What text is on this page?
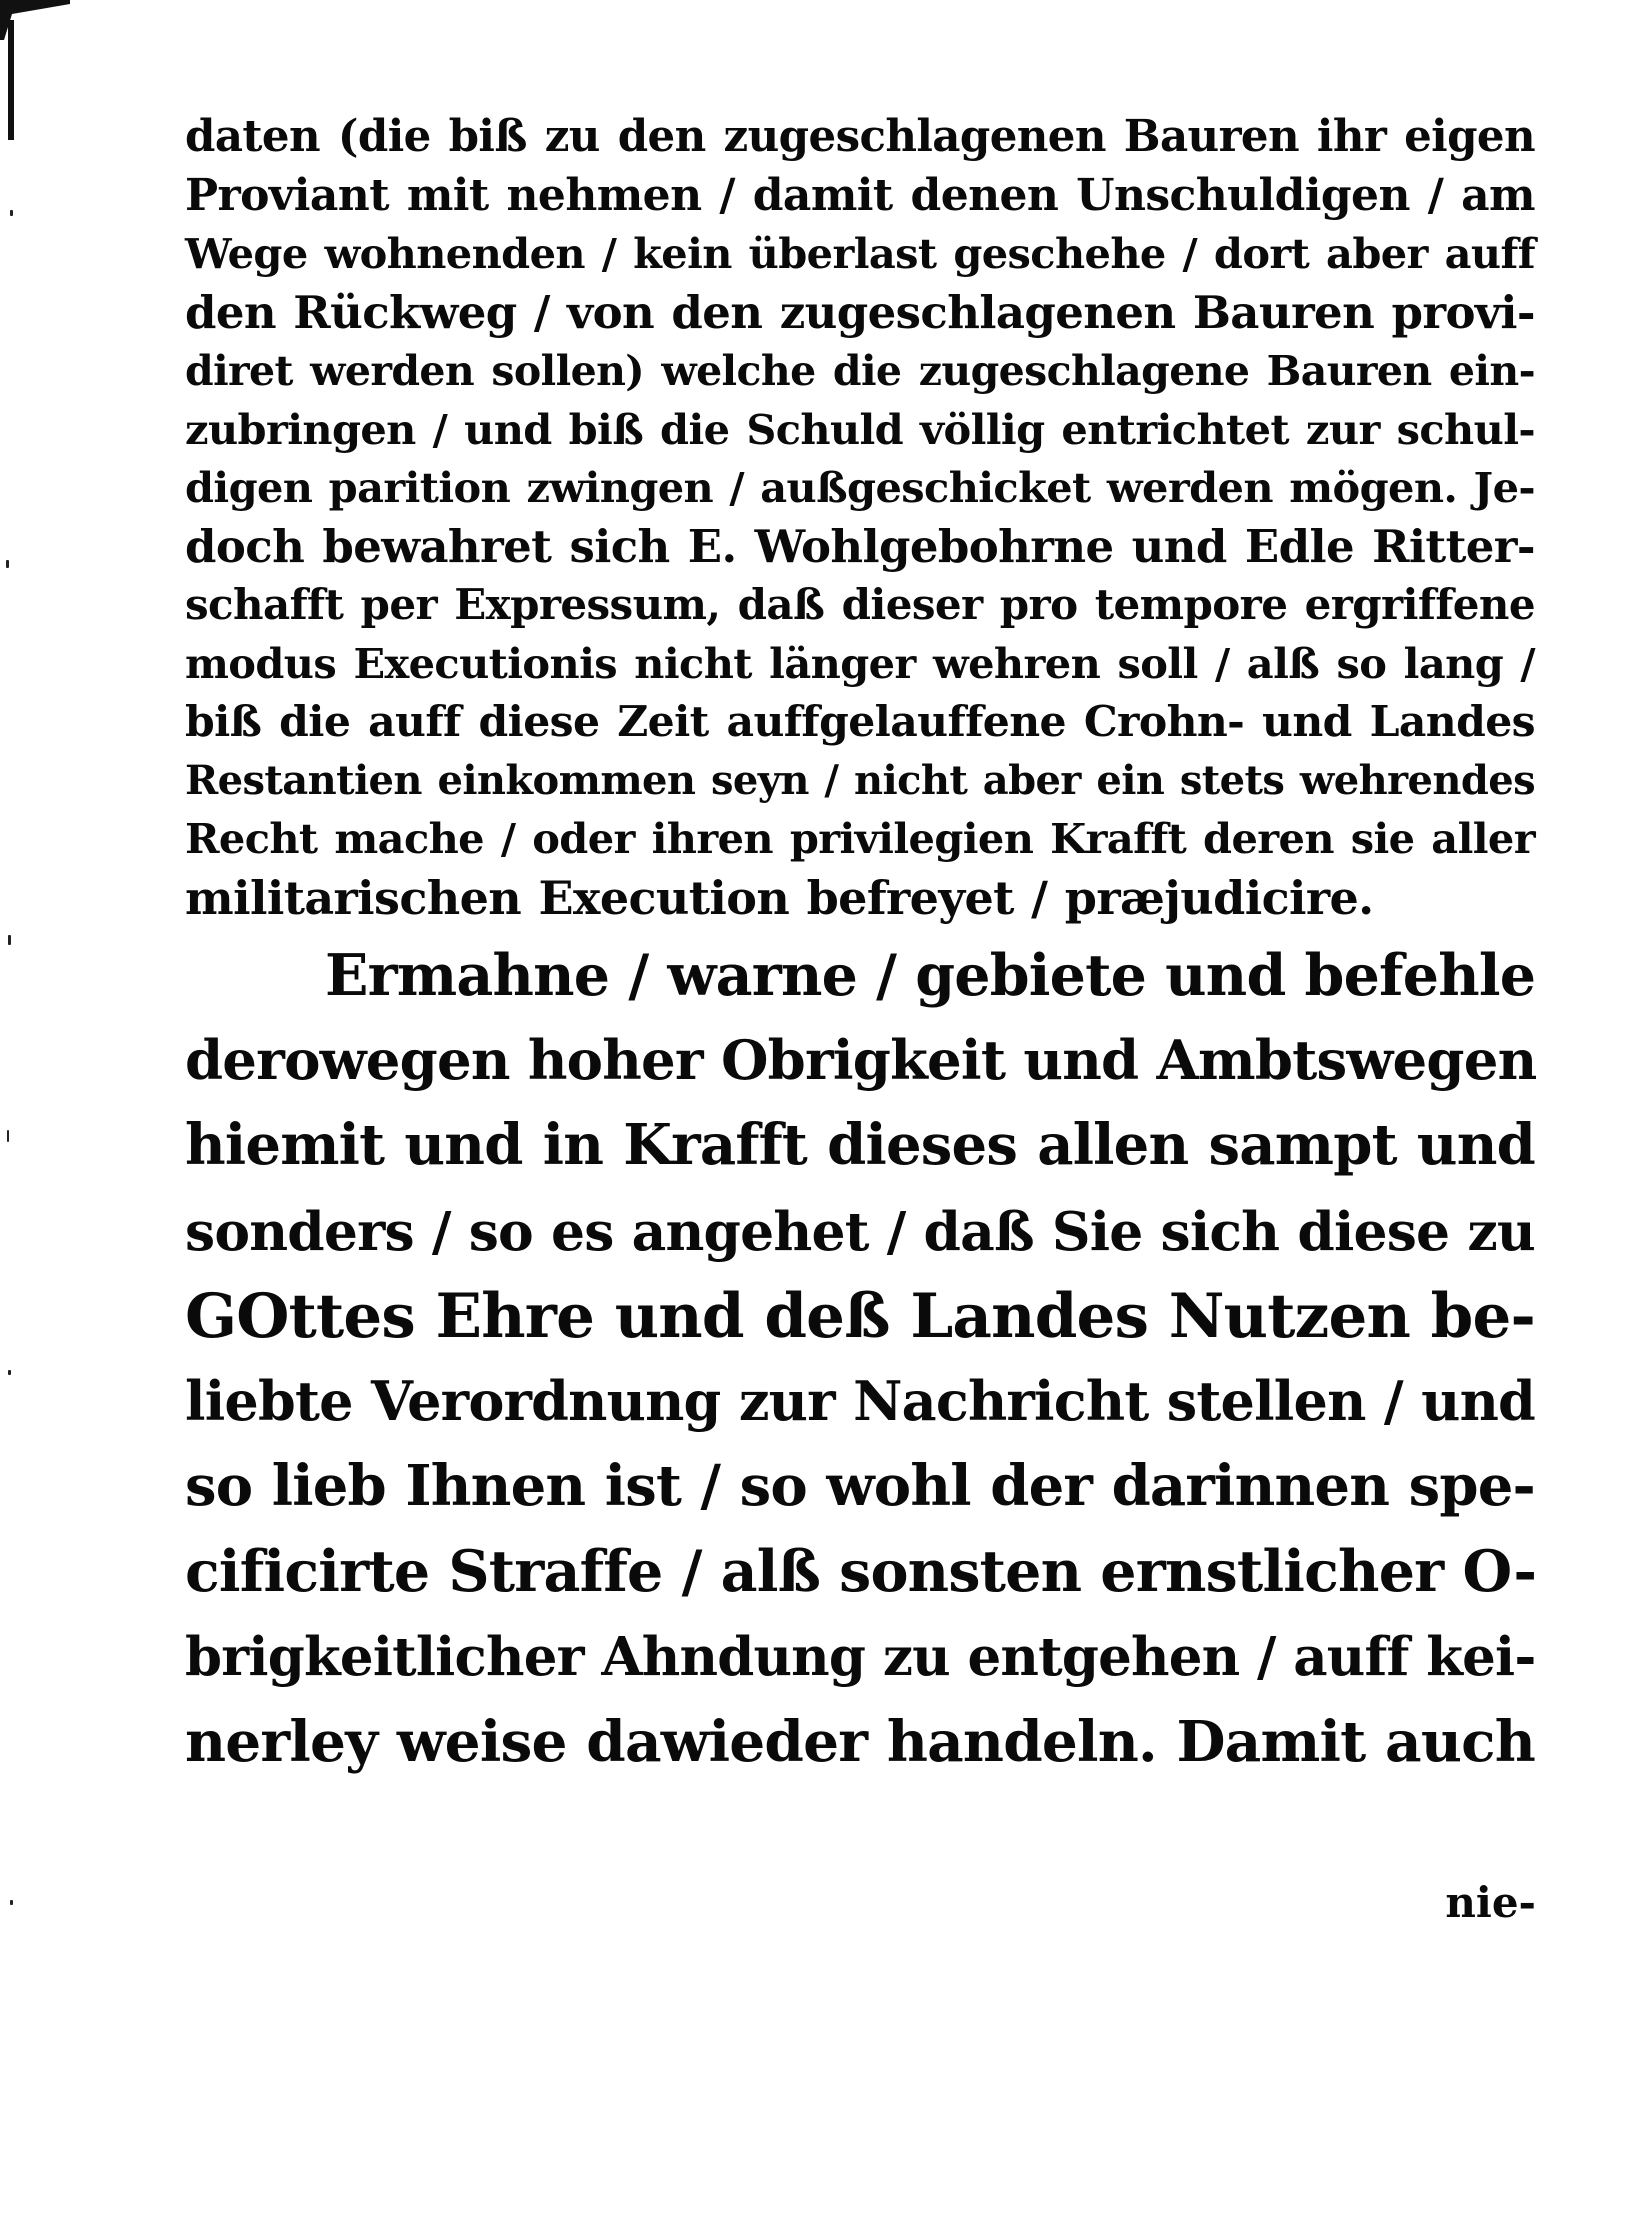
daten (die biß zu den zugeschlagenen Bauren ihr eigen
Proviant mit nehmen / damit denen Unschuldigen / am
Wege wohnenden / kein überlast geschehe / dort aber auff
den Rückweg / von den zugeschlagenen Bauren provi-
diret werden sollen) welche die zugeschlagene Bauren ein-
zubringen / und biß die Schuld völlig entrichtet zur schul-
digen parition zwingen / außgeschicket werden mögen. Je-
doch bewahret sich E. Wohlgebohrne und Edle Ritter-
schafft per Expressum, daß dieser pro tempore ergriffene
modus Executionis nicht länger wehren soll / alß so lang /
biß die auff diese Zeit auffgelauffene Crohn- und Landes
Restantien einkommen seyn / nicht aber ein stets wehrendes
Recht mache / oder ihren privilegien Krafft deren sie aller
militarischen Execution befreyet / præjudicire.
Ermahne / warne / gebiete und befehle
derowegen hoher Obrigkeit und Ambtswegen
hiemit und in Krafft dieses allen sampt und
sonders / so es angehet / daß Sie sich diese zu
GOttes Ehre und deß Landes Nutzen be-
liebte Verordnung zur Nachricht stellen / und
so lieb Ihnen ist / so wohl der darinnen spe-
cificirte Straffe / alß sonsten ernstlicher O-
brigkeitlicher Ahndung zu entgehen / auff kei-
nerley weise dawieder handeln. Damit auch
nie-
